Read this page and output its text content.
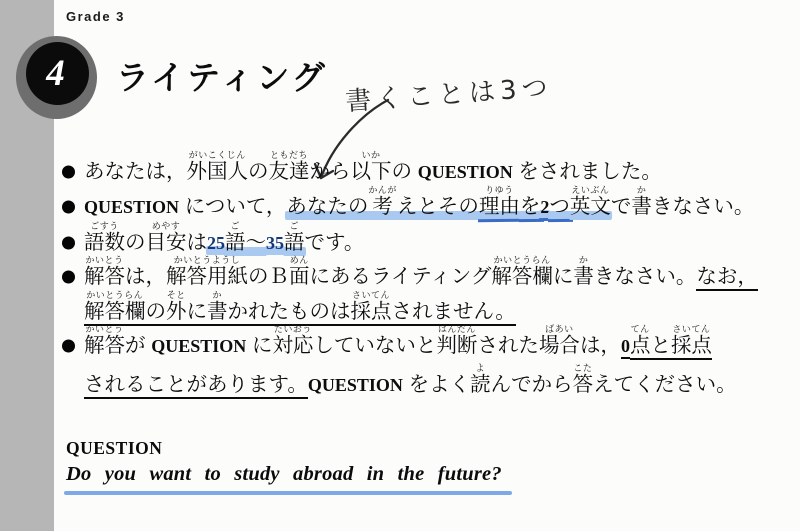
Grade 3
4 ライティング 書くことは3つ
あなたは，外国人がいこくじんの友達ともだちから以下いかの QUESTION をされました。
QUESTION について，あなたの考かんがえとその理由りゆうを2つ英文えいぶんで書かきなさい。
語数ごすうの目安めやすは25語ご～35語ごです。
解答かいとうは，解答用紙かいとうようしのＢ面めんにあるライティング解答欄かいとうらんに書かきなさい。なお，
解答欄かいとうらんの外そとに書かかれたものは採点さいてんされません。
解答かいとうが QUESTION に対応たいおうしていないと判断はんだんされた場合ばあいは，0点てんと採点さいてん
されることがあります。QUESTION をよく読よんでから答こたえてください。
QUESTION
Do you want to study abroad in the future?
